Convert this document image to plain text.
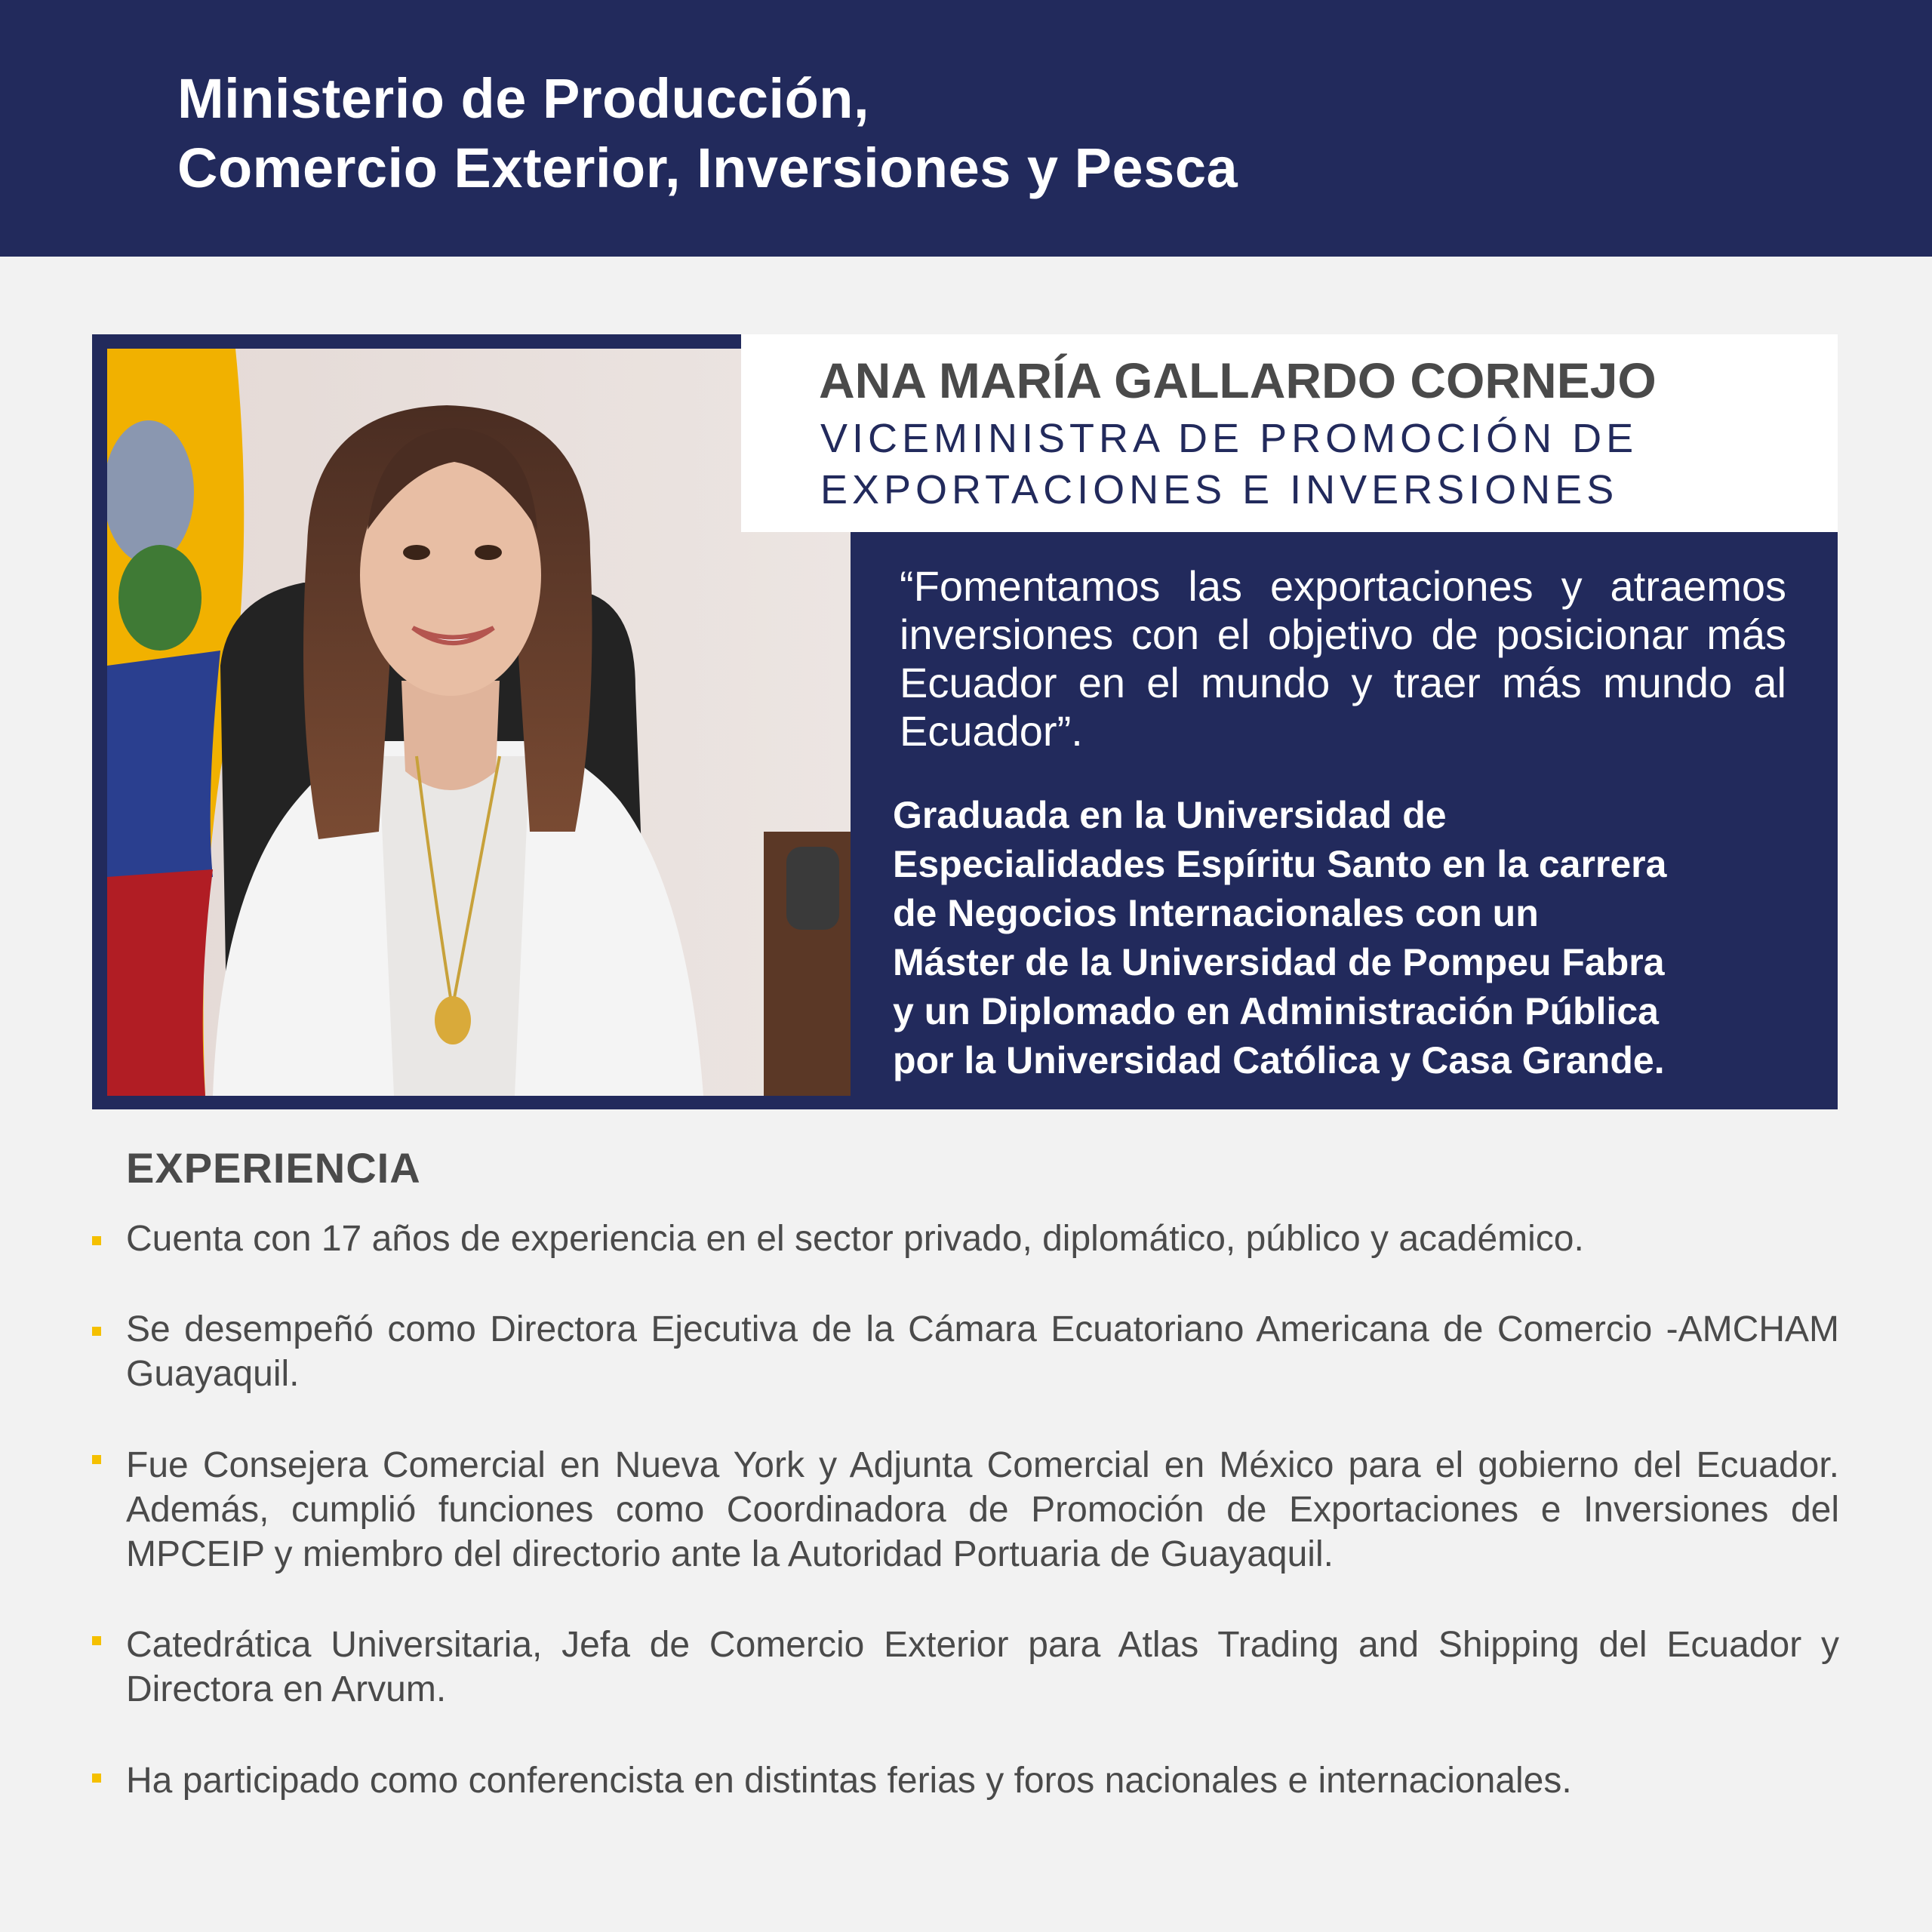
Ministerio de Producción,
Comercio Exterior, Inversiones y Pesca
ANA MARÍA GALLARDO CORNEJO
VICEMINISTRA DE PROMOCIÓN DE
EXPORTACIONES E INVERSIONES
“Fomentamos las exportaciones y atraemos inversiones con el objetivo de posicionar más Ecuador en el mundo y traer más mundo al Ecuador”.
Graduada en la Universidad de
Especialidades Espíritu Santo en la carrera
de Negocios Internacionales con un
Máster de la Universidad de Pompeu Fabra
y un Diplomado en Administración Pública
por la Universidad Católica y Casa Grande.
EXPERIENCIA
Cuenta con 17 años de experiencia en el sector privado, diplomático, público y académico.
Se desempeñó como Directora Ejecutiva de la Cámara Ecuatoriano Americana de Comercio -AMCHAM Guayaquil.
Fue Consejera Comercial en Nueva York y Adjunta Comercial en México para el gobierno del Ecuador. Además, cumplió funciones como Coordinadora de Promoción de Exportaciones e Inversiones del MPCEIP y miembro del directorio ante la Autoridad Portuaria de Guayaquil.
Catedrática Universitaria, Jefa de Comercio Exterior para Atlas Trading and Shipping del Ecuador y Directora en Arvum.
Ha participado como conferencista en distintas ferias y foros nacionales e internacionales.
